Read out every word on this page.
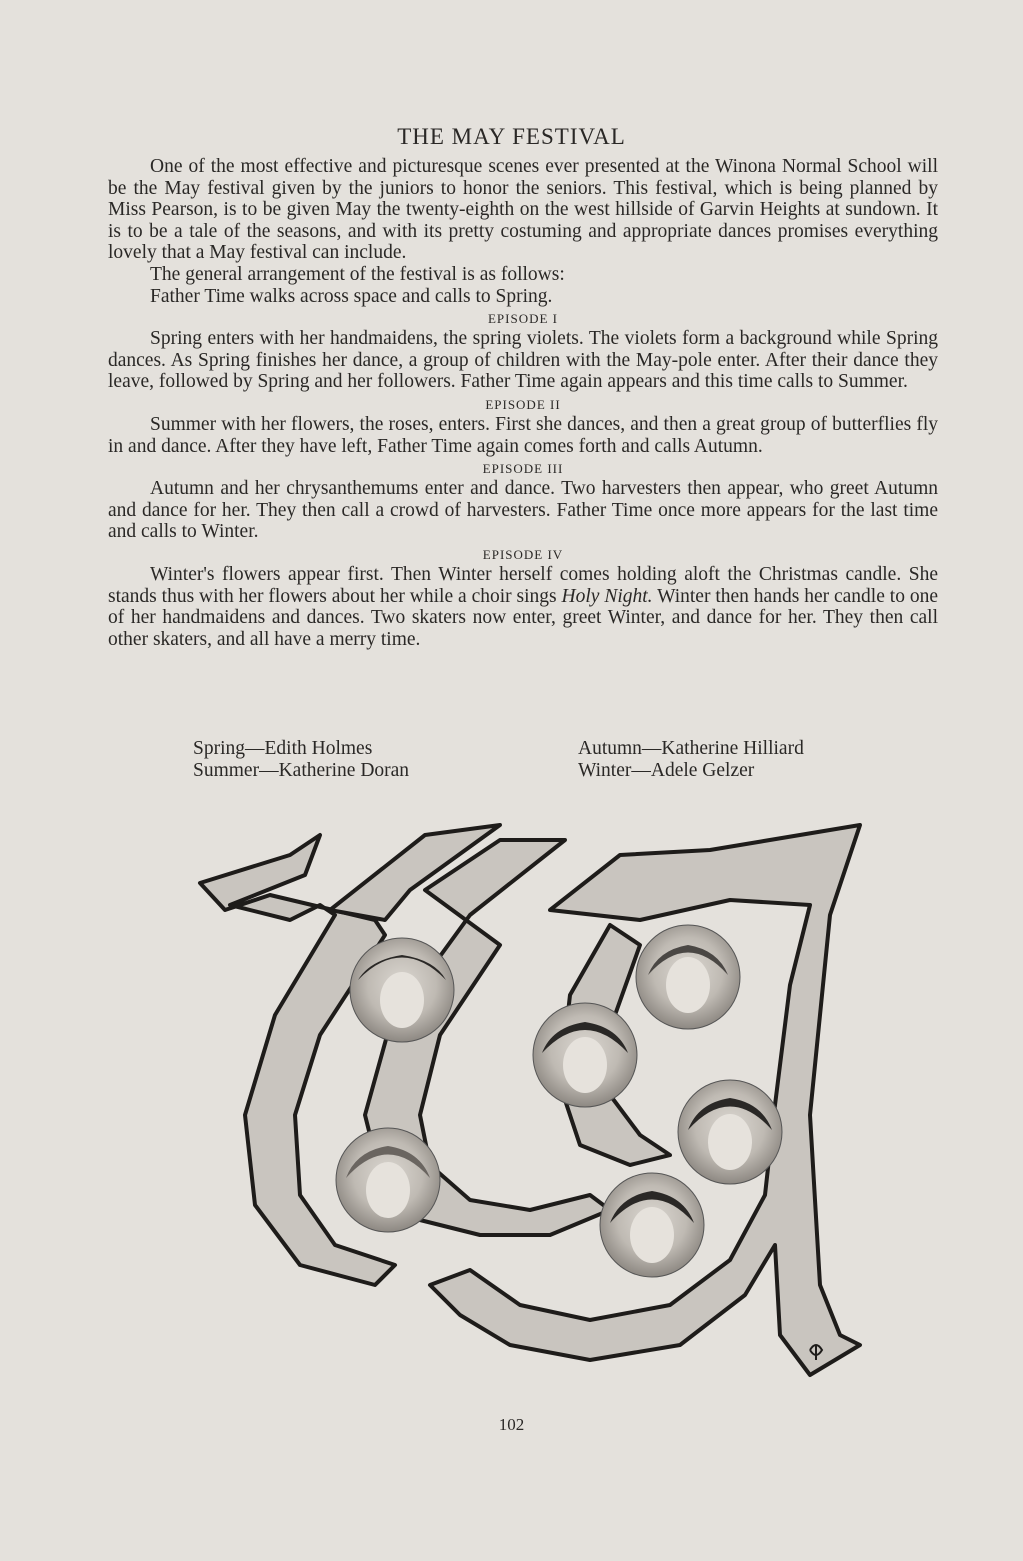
THE MAY FESTIVAL

One of the most effective and picturesque scenes ever presented at the Winona Normal School will be the May festival given by the juniors to honor the seniors. This festival, which is being planned by Miss Pearson, is to be given May the twenty-eighth on the west hillside of Garvin Heights at sundown. It is to be a tale of the seasons, and with its pretty costuming and appropriate dances promises everything lovely that a May festival can include.

The general arrangement of the festival is as follows:

Father Time walks across space and calls to Spring.

EPISODE I

Spring enters with her handmaidens, the spring violets. The violets form a background while Spring dances. As Spring finishes her dance, a group of children with the May-pole enter. After their dance they leave, followed by Spring and her followers. Father Time again appears and this time calls to Summer.

EPISODE II

Summer with her flowers, the roses, enters. First she dances, and then a great group of butterflies fly in and dance. After they have left, Father Time again comes forth and calls Autumn.

EPISODE III

Autumn and her chrysanthemums enter and dance. Two harvesters then appear, who greet Autumn and dance for her. They then call a crowd of harvesters. Father Time once more appears for the last time and calls to Winter.

EPISODE IV

Winter's flowers appear first. Then Winter herself comes holding aloft the Christmas candle. She stands thus with her flowers about her while a choir sings Holy Night. Winter then hands her candle to one of her handmaidens and dances. Two skaters now enter, greet Winter, and dance for her. They then call other skaters, and all have a merry time.

Spring—Edith Holmes
Summer—Katherine Doran
Autumn—Katherine Hilliard
Winter—Adele Gelzer
102
